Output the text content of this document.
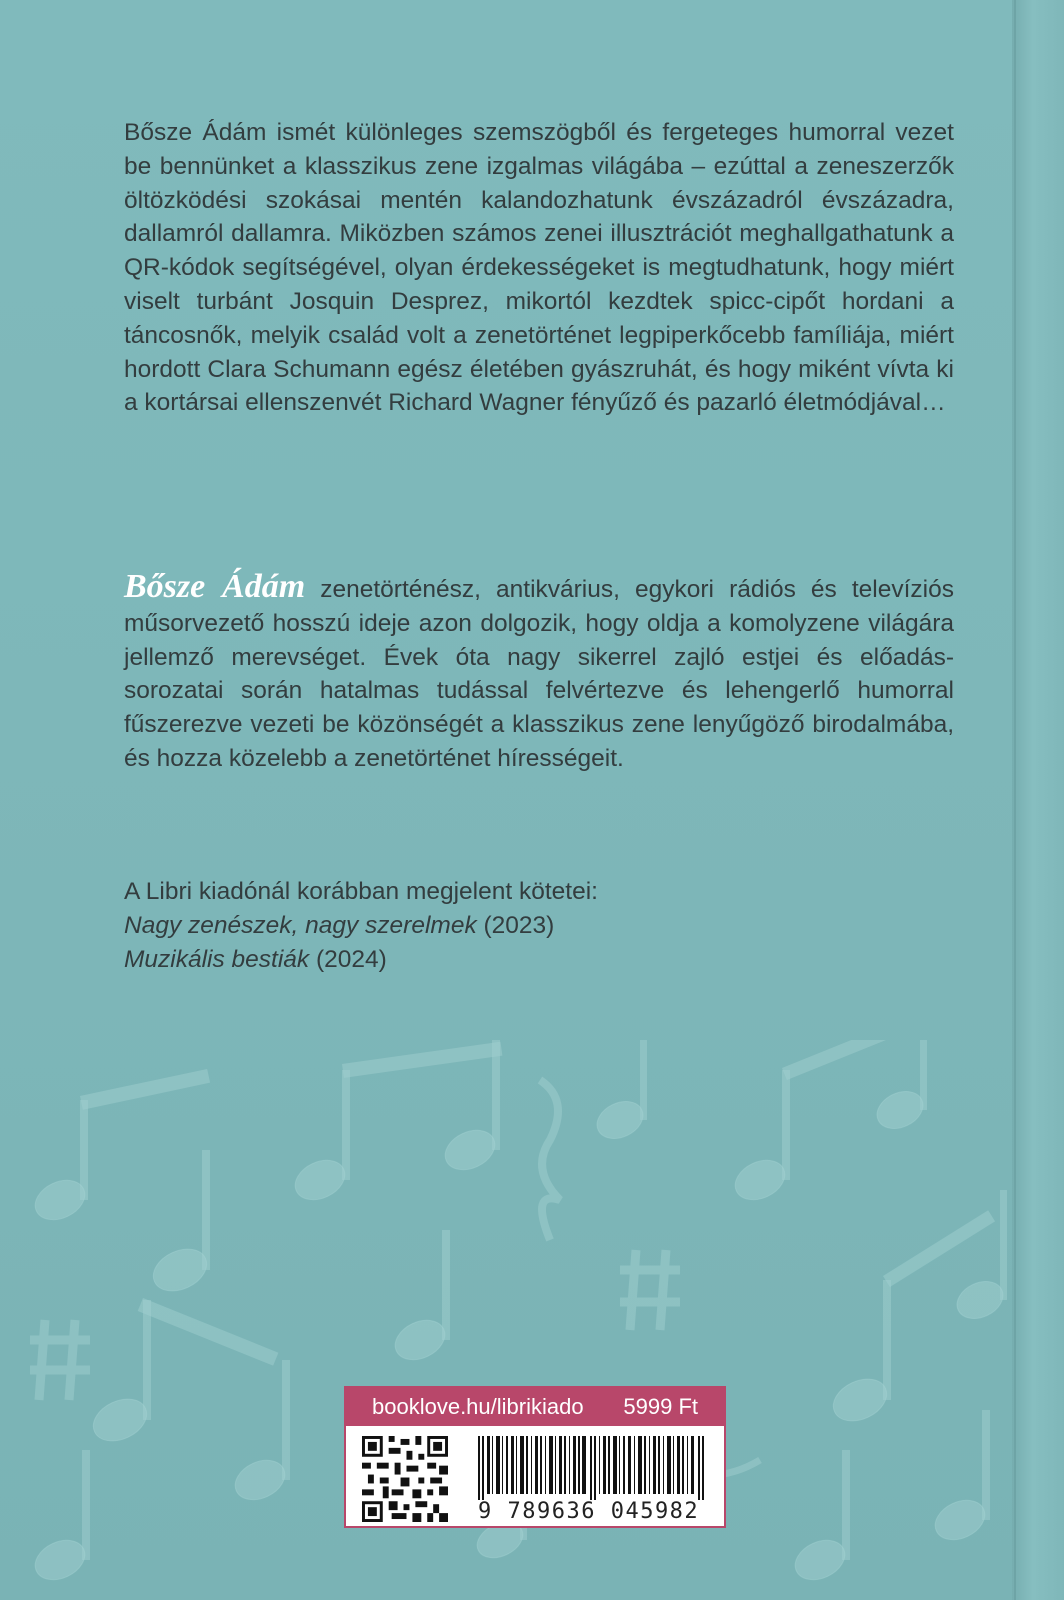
Bősze Ádám ismét különleges szemszögből és fergeteges humorral vezet be bennünket a klasszikus zene izgalmas világába – ezúttal a zeneszerzők öltözködési szokásai mentén kalandozhatunk évszázadról évszázadra, dallamról dallamra. Miközben számos zenei illusztrációt meghallgathatunk a QR-kódok segítségével, olyan érdekességeket is megtudhatunk, hogy miért viselt turbánt Josquin Desprez, mikortól kezdtek spicc-cipőt hordani a táncosnők, melyik család volt a zenetörténet legpiperkőcebb famíliája, miért hordott Clara Schumann egész életében gyászruhát, és hogy miként vívta ki a kortársai ellenszenvét Richard Wagner fényűző és pazarló életmódjával…
Bősze Ádám zenetörténész, antikvárius, egykori rádiós és televíziós műsorvezető hosszú ideje azon dolgozik, hogy oldja a komolyzene világára jellemző merevséget. Évek óta nagy sikerrel zajló estjei és előadás-sorozatai során hatalmas tudással felvértezve és lehengerlő humorral fűszerezve vezeti be közönségét a klasszikus zene lenyűgöző birodalmába, és hozza közelebb a zenetörténet hírességeit.
A Libri kiadónál korábban megjelent kötetei:
Nagy zenészek, nagy szerelmek (2023)
Muzikális bestiák (2024)
booklove.hu/librikiado 5999 Ft
9 789636 045982
